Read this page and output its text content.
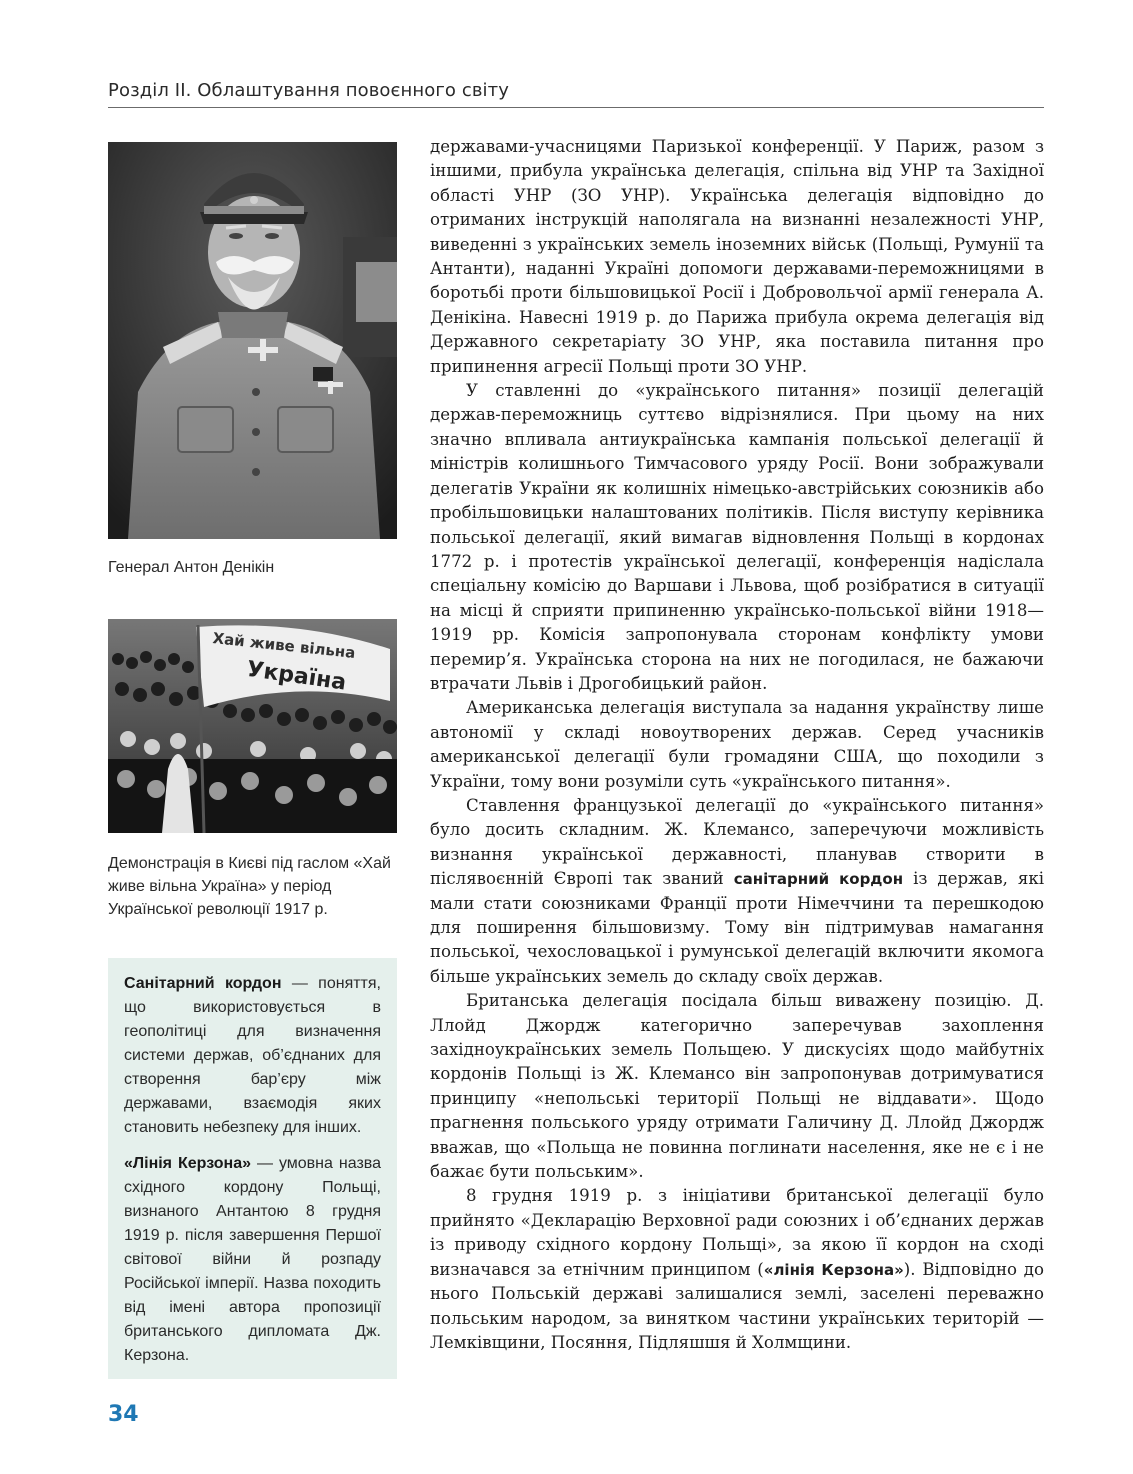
Розділ ІІ. Облаштування повоєнного світу
Генерал Антон Денікін
Хай живе вільна
Україна
Демонстрація в Києві під гаслом «Хай живе вільна Україна» у період Української революції 1917 р.

Санітарний кордон — поняття, що використовується в геополітиці для визначення системи держав, об’єднаних для створення бар’єру між державами, взаємодія яких становить небезпеку для інших.

«Лінія Керзона» — умовна назва східного кордону Польщі, визнаного Антантою 8 грудня 1919 р. після завершення Першої світової війни й розпаду Російської імперії. Назва походить від імені автора пропозиції британського дипломата Дж. Керзона.

державами-учасницями Паризької конференції. У Париж, разом з іншими, прибула українська делегація, спільна від УНР та Західної області УНР (ЗО УНР). Українська делегація відповідно до отриманих інструкцій наполягала на визнанні незалежності УНР, виведенні з українських земель іноземних військ (Польщі, Румунії та Антанти), наданні Україні допомоги державами-переможницями в боротьбі проти більшовицької Росії і Добровольчої армії генерала А. Денікіна. Навесні 1919 р. до Парижа прибула окрема делегація від Державного секретаріату ЗО УНР, яка поставила питання про припинення агресії Польщі проти ЗО УНР.

У ставленні до «українського питання» позиції делегацій держав-переможниць суттєво відрізнялися. При цьому на них значно впливала антиукраїнська кампанія польської делегації й міністрів колишнього Тимчасового уряду Росії. Вони зображували делегатів України як колишніх німецько-австрійських союзників або пробільшовицьки налаштованих політиків. Після виступу керівника польської делегації, який вимагав відновлення Польщі в кордонах 1772 р. і протестів української делегації, конференція надіслала спеціальну комісію до Варшави і Львова, щоб розібратися в ситуації на місці й сприяти припиненню українсько-польської війни 1918—1919 рр. Комісія запропонувала сторонам конфлікту умови перемир’я. Українська сторона на них не погодилася, не бажаючи втрачати Львів і Дрогобицький район.

Американська делегація виступала за надання українству лише автономії у складі новоутворених держав. Серед учасників американської делегації були громадяни США, що походили з України, тому вони розуміли суть «українського питання».

Ставлення французької делегації до «українського питання» було досить складним. Ж. Клемансо, заперечуючи можливість визнання української державності, планував створити в післявоєнній Європі так званий санітарний кордон із держав, які мали стати союзниками Франції проти Німеччини та перешкодою для поширення більшовизму. Тому він підтримував намагання польської, чехословацької і румунської делегацій включити якомога більше українських земель до складу своїх держав.

Британська делегація посідала більш виважену позицію. Д. Ллойд Джордж категорично заперечував захоплення західноукраїнських земель Польщею. У дискусіях щодо майбутніх кордонів Польщі із Ж. Клемансо він запропонував дотримуватися принципу «непольські території Польщі не віддавати». Щодо прагнення польського уряду отримати Галичину Д. Ллойд Джордж вважав, що «Польща не повинна поглинати населення, яке не є і не бажає бути польським».

8 грудня 1919 р. з ініціативи британської делегації було прийнято «Декларацію Верховної ради союзних і об’єднаних держав із приводу східного кордону Польщі», за якою її кордон на сході визначався за етнічним принципом («лінія Керзона»). Відповідно до нього Польській державі залишалися землі, заселені переважно польським народом, за винятком частини українських територій — Лемківщини, Посяння, Підляшшя й Холмщини.

34
